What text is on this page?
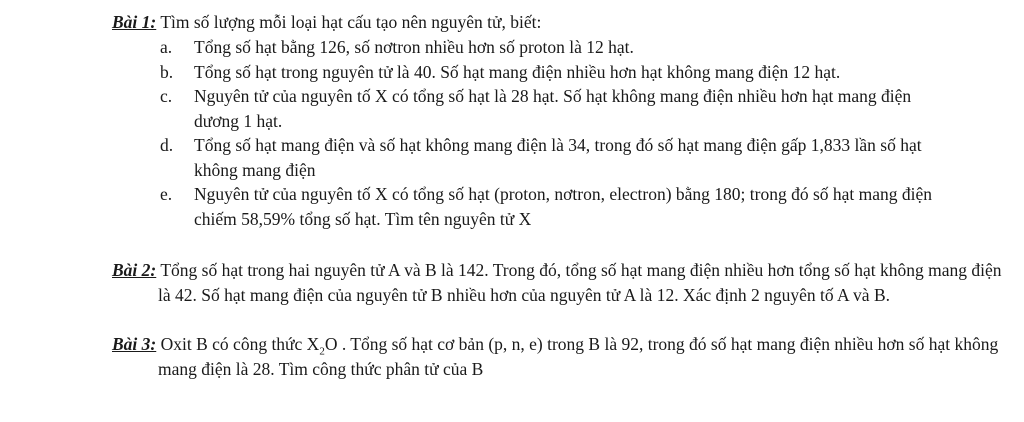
Bài 1: Tìm số lượng mỗi loại hạt cấu tạo nên nguyên tử, biết:
a. Tổng số hạt bằng 126, số nơtron nhiều hơn số proton là 12 hạt.
b. Tổng số hạt trong nguyên tử là 40. Số hạt mang điện nhiều hơn hạt không mang điện 12 hạt.
c. Nguyên tử của nguyên tố X có tổng số hạt là 28 hạt. Số hạt không mang điện nhiều hơn hạt mang điện dương 1 hạt.
d. Tổng số hạt mang điện và số hạt không mang điện là 34, trong đó số hạt mang điện gấp 1,833 lần số hạt không mang điện
e. Nguyên tử của nguyên tố X có tổng số hạt (proton, nơtron, electron) bằng 180; trong đó số hạt mang điện chiếm 58,59% tổng số hạt. Tìm tên nguyên tử X
Bài 2: Tổng số hạt trong hai nguyên tử A và B là 142. Trong đó, tổng số hạt mang điện nhiều hơn tổng số hạt không mang điện là 42. Số hạt mang điện của nguyên tử B nhiều hơn của nguyên tử A là 12. Xác định 2 nguyên tố A và B.
Bài 3: Oxit B có công thức $X_2O$ . Tổng số hạt cơ bản (p, n, e) trong B là 92, trong đó số hạt mang điện nhiều hơn số hạt không mang điện là 28. Tìm công thức phân tử của B
